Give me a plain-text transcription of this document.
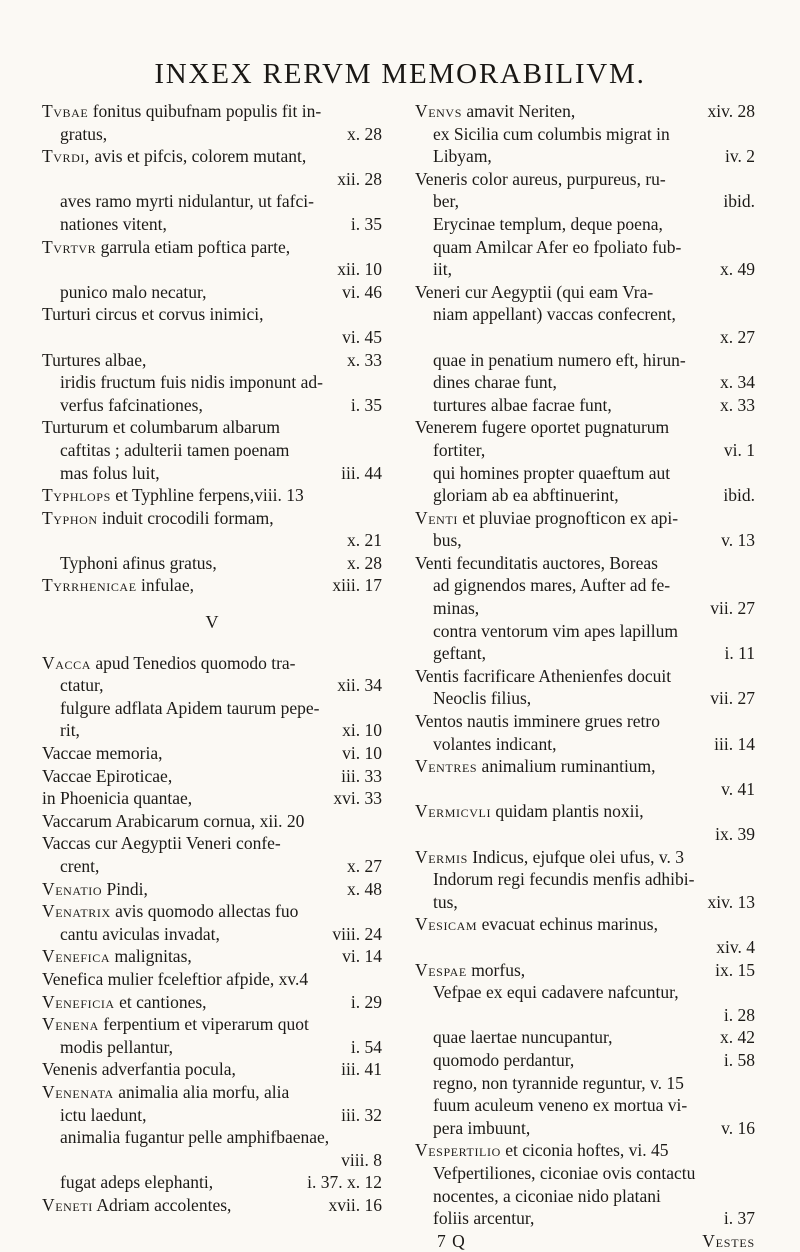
INXEX RERVM MEMORABILIVM.
Tvbae fonitus quibufnam populis fit in-
gratus,	x. 28
Tvrdi, avis et pifcis, colorem mutant,
xii. 28
aves ramo myrti nidulantur, ut fafci-
nationes vitent,	i. 35
Tvrtvr garrula etiam poftica parte,
xii. 10
punico malo necatur,	vi. 46
Turturi circus et corvus inimici,
vi. 45
Turtures albae,	x. 33
iridis fructum fuis nidis imponunt ad-
verfus fafcinationes,	i. 35
Turturum et columbarum albarum
caftitas ; adulterii tamen poenam
mas folus luit,	iii. 44
Typhlops et Typhline ferpens,viii. 13
Typhon induit crocodili formam,
x. 21
Typhoni afinus gratus,	x. 28
Tyrrhenicae infulae,	xiii. 17
V
Vacca apud Tenedios quomodo tra-
ctatur,	xii. 34
fulgure adflata Apidem taurum pepe-
rit,	xi. 10
Vaccae memoria,	vi. 10
Vaccae Epiroticae,	iii. 33
in Phoenicia quantae,	xvi. 33
Vaccarum Arabicarum cornua, xii. 20
Vaccas cur Aegyptii Veneri confe-
crent,	x. 27
Venatio Pindi,	x. 48
Venatrix avis quomodo allectas fuo
cantu aviculas invadat,	viii. 24
Venefica malignitas,	vi. 14
Venefica mulier fceleftior afpide, xv.4
Veneficia et cantiones,	i. 29
Venena ferpentium et viperarum quot
modis pellantur,	i. 54
Venenis adverfantia pocula,	iii. 41
Venenata animalia alia morfu, alia
ictu laedunt,	iii. 32
animalia fugantur pelle amphifbaenae,
viii. 8
fugat adeps elephanti,	i. 37. x. 12
Veneti Adriam accolentes,	xvii. 16
Venvs amavit Neriten,	xiv. 28
ex Sicilia cum columbis migrat in
Libyam,	iv. 2
Veneris color aureus, purpureus, ru-
ber,	ibid.
Erycinae templum, deque poena,
quam Amilcar Afer eo fpoliato fub-
iit,	x. 49
Veneri cur Aegyptii (qui eam Vra-
niam appellant) vaccas confecrent,
x. 27
quae in penatium numero eft, hirun-
dines charae funt,	x. 34
turtures albae facrae funt,	x. 33
Venerem fugere oportet pugnaturum
fortiter,	vi. 1
qui homines propter quaeftum aut
gloriam ab ea abftinuerint,	ibid.
Venti et pluviae prognofticon ex api-
bus,	v. 13
Venti fecunditatis auctores, Boreas
ad gignendos mares, Aufter ad fe-
minas,	vii. 27
contra ventorum vim apes lapillum
geftant,	i. 11
Ventis facrificare Athenienfes docuit
Neoclis filius,	vii. 27
Ventos nautis imminere grues retro
volantes indicant,	iii. 14
Ventres animalium ruminantium,
v. 41
Vermicvli quidam plantis noxii,
ix. 39
Vermis Indicus, ejufque olei ufus, v. 3
Indorum regi fecundis menfis adhibi-
tus,	xiv. 13
Vesicam evacuat echinus marinus,
xiv. 4
Vespae morfus,	ix. 15
Vefpae ex equi cadavere nafcuntur,
i. 28
quae laertae nuncupantur,	x. 42
quomodo perdantur,	i. 58
regno, non tyrannide reguntur, v. 15
fuum aculeum veneno ex mortua vi-
pera imbuunt,	v. 16
Vespertilio et ciconia hoftes, vi. 45
Vefpertiliones, ciconiae ovis contactu
nocentes, a ciconiae nido platani
foliis arcentur,	i. 37
7 Q	Vestes
